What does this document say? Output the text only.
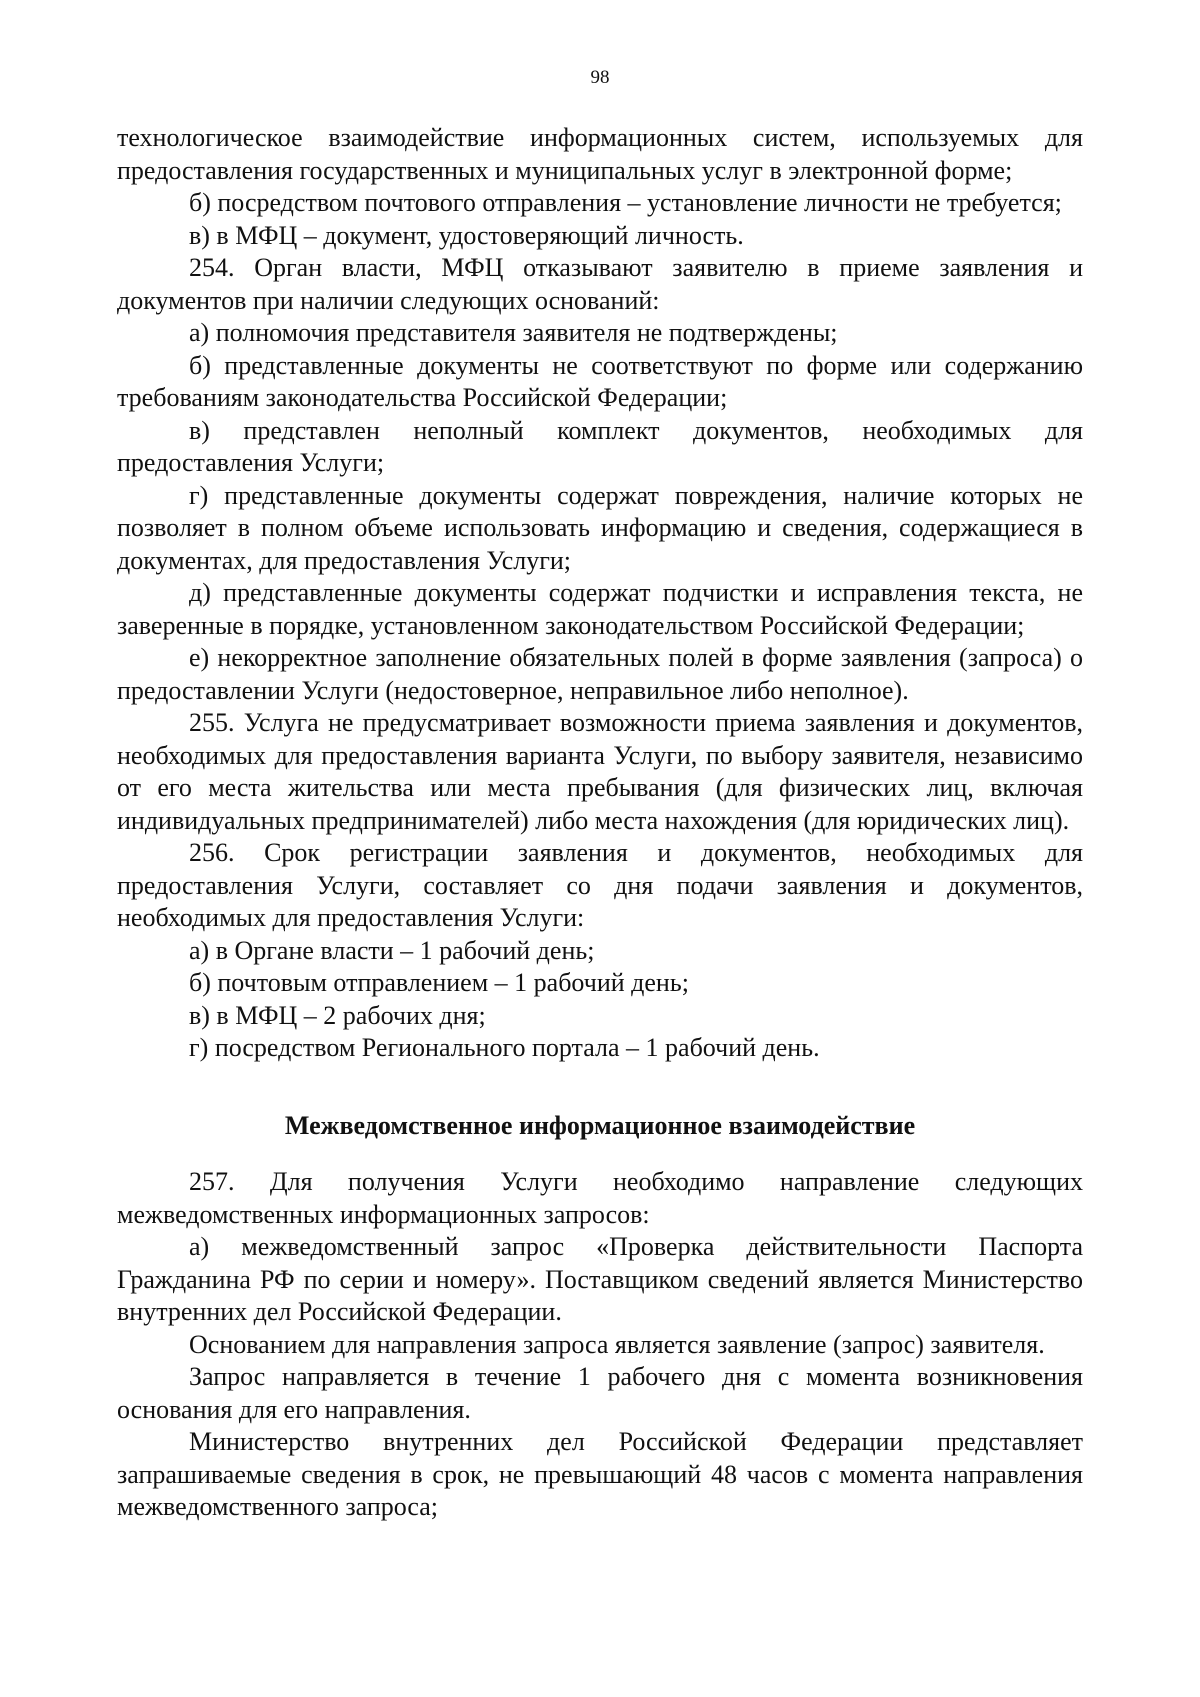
98

технологическое взаимодействие информационных систем, используемых для предоставления государственных и муниципальных услуг в электронной форме;

б) посредством почтового отправления – установление личности не требуется;

в) в МФЦ – документ, удостоверяющий личность.

254. Орган власти, МФЦ отказывают заявителю в приеме заявления и документов при наличии следующих оснований:

а) полномочия представителя заявителя не подтверждены;

б) представленные документы не соответствуют по форме или содержанию требованиям законодательства Российской Федерации;

в) представлен неполный комплект документов, необходимых для предоставления Услуги;

г) представленные документы содержат повреждения, наличие которых не позволяет в полном объеме использовать информацию и сведения, содержащиеся в документах, для предоставления Услуги;

д) представленные документы содержат подчистки и исправления текста, не заверенные в порядке, установленном законодательством Российской Федерации;

е) некорректное заполнение обязательных полей в форме заявления (запроса) о предоставлении Услуги (недостоверное, неправильное либо неполное).

255. Услуга не предусматривает возможности приема заявления и документов, необходимых для предоставления варианта Услуги, по выбору заявителя, независимо от его места жительства или места пребывания (для физических лиц, включая индивидуальных предпринимателей) либо места нахождения (для юридических лиц).

256. Срок регистрации заявления и документов, необходимых для предоставления Услуги, составляет со дня подачи заявления и документов, необходимых для предоставления Услуги:

а) в Органе власти – 1 рабочий день;

б) почтовым отправлением – 1 рабочий день;

в) в МФЦ – 2 рабочих дня;

г) посредством Регионального портала – 1 рабочий день.

Межведомственное информационное взаимодействие

257. Для получения Услуги необходимо направление следующих межведомственных информационных запросов:

а) межведомственный запрос «Проверка действительности Паспорта Гражданина РФ по серии и номеру». Поставщиком сведений является Министерство внутренних дел Российской Федерации.

Основанием для направления запроса является заявление (запрос) заявителя.

Запрос направляется в течение 1 рабочего дня с момента возникновения основания для его направления.

Министерство внутренних дел Российской Федерации представляет запрашиваемые сведения в срок, не превышающий 48 часов с момента направления межведомственного запроса;
